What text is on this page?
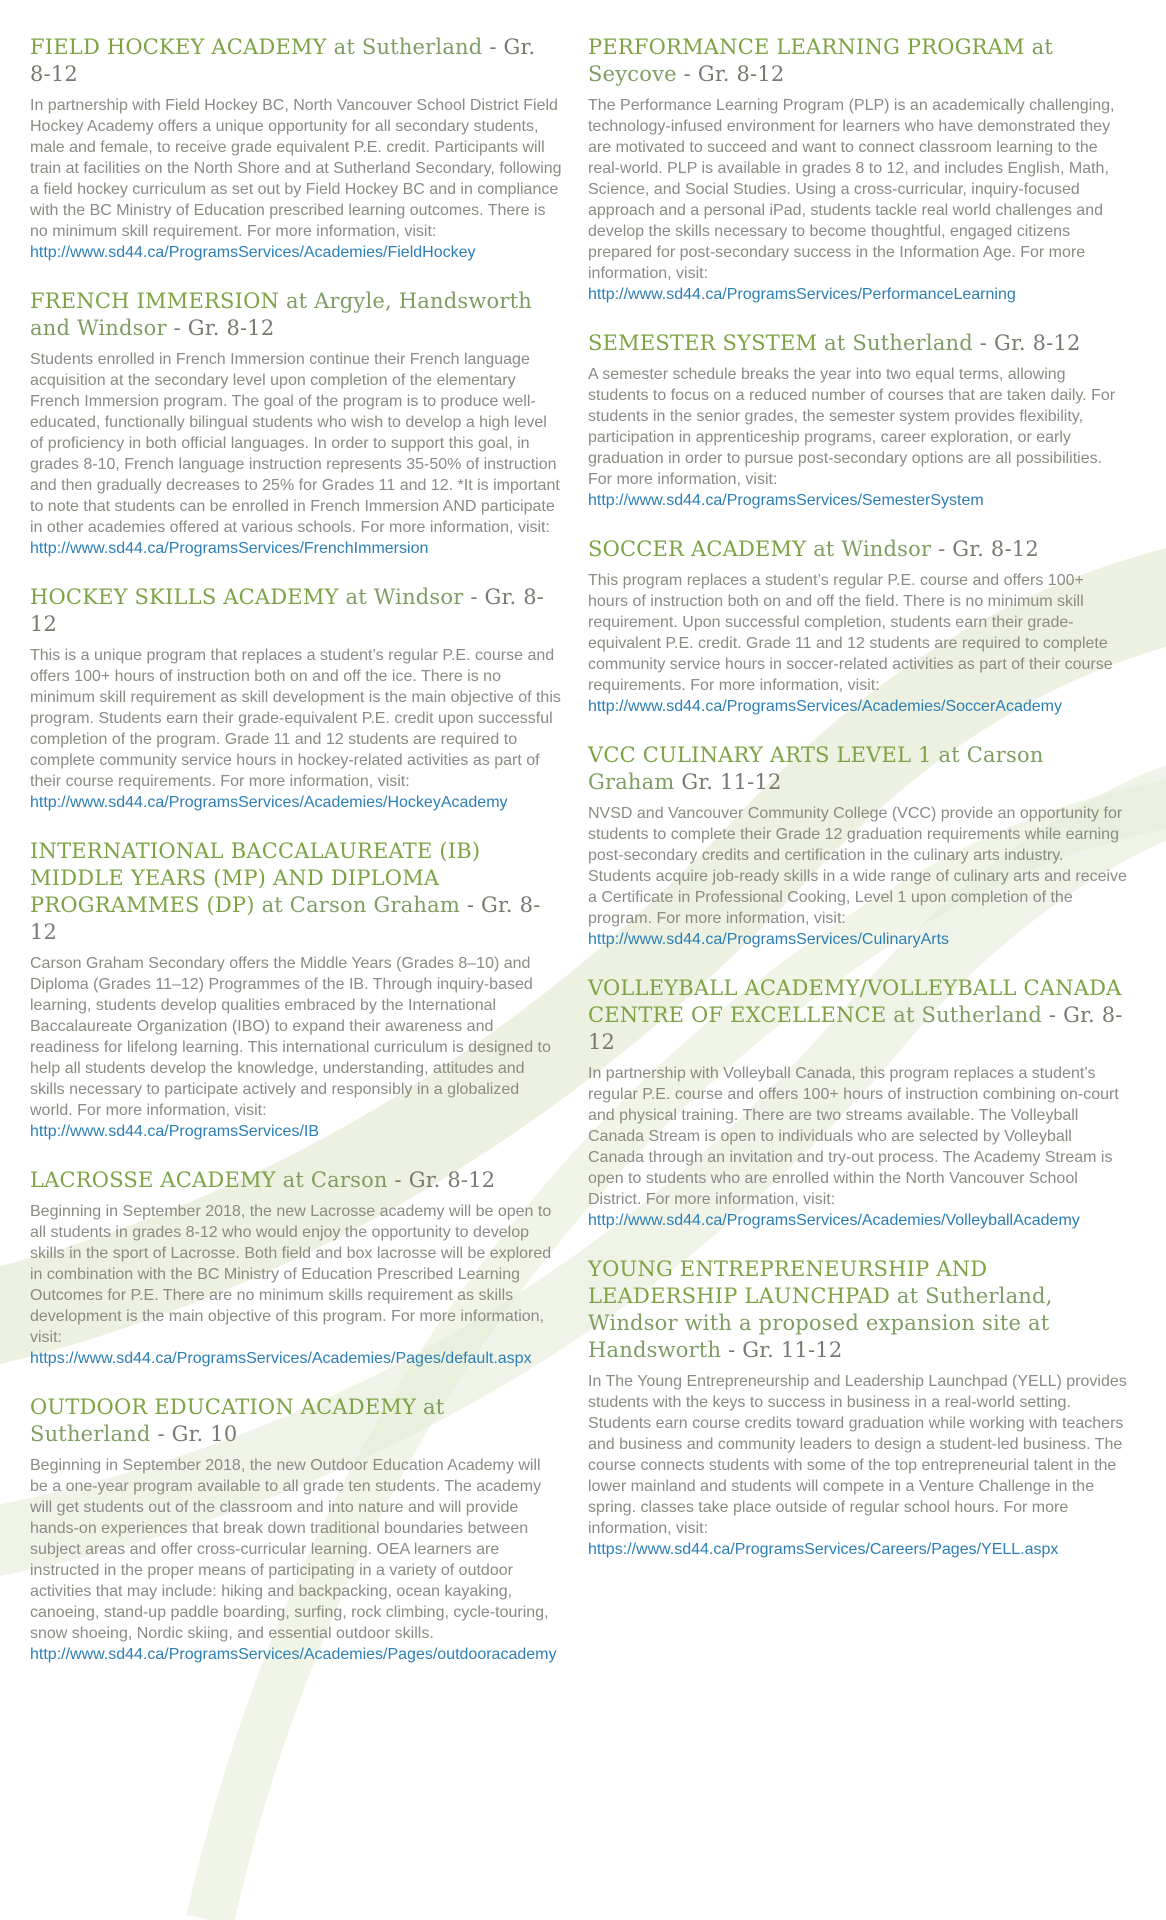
FIELD HOCKEY ACADEMY at Sutherland - Gr. 8-12

In partnership with Field Hockey BC, North Vancouver School District Field Hockey Academy offers a unique opportunity for all secondary students, male and female, to receive grade equivalent P.E. credit. Participants will train at facilities on the North Shore and at Sutherland Secondary, following a field hockey curriculum as set out by Field Hockey BC and in compliance with the BC Ministry of Education prescribed learning outcomes. There is no minimum skill requirement. For more information, visit:
http://www.sd44.ca/ProgramsServices/Academies/FieldHockey

FRENCH IMMERSION at Argyle, Handsworth and Windsor - Gr. 8-12

Students enrolled in French Immersion continue their French language acquisition at the secondary level upon completion of the elementary French Immersion program. The goal of the program is to produce well-educated, functionally bilingual students who wish to develop a high level of proficiency in both official languages. In order to support this goal, in grades 8-10, French language instruction represents 35-50% of instruction and then gradually decreases to 25% for Grades 11 and 12. *It is important to note that students can be enrolled in French Immersion AND participate in other academies offered at various schools. For more information, visit:
http://www.sd44.ca/ProgramsServices/FrenchImmersion

HOCKEY SKILLS ACADEMY at Windsor - Gr. 8-12

This is a unique program that replaces a student’s regular P.E. course and offers 100+ hours of instruction both on and off the ice. There is no minimum skill requirement as skill development is the main objective of this program. Students earn their grade-equivalent P.E. credit upon successful completion of the program. Grade 11 and 12 students are required to complete community service hours in hockey-related activities as part of their course requirements. For more information, visit:
http://www.sd44.ca/ProgramsServices/Academies/HockeyAcademy

INTERNATIONAL BACCALAUREATE (IB) MIDDLE YEARS (MP) AND DIPLOMA PROGRAMMES (DP) at Carson Graham - Gr. 8-12

Carson Graham Secondary offers the Middle Years (Grades 8–10) and Diploma (Grades 11–12) Programmes of the IB. Through inquiry-based learning, students develop qualities embraced by the International Baccalaureate Organization (IBO) to expand their awareness and readiness for lifelong learning. This international curriculum is designed to help all students develop the knowledge, understanding, attitudes and skills necessary to participate actively and responsibly in a globalized world. For more information, visit:
http://www.sd44.ca/ProgramsServices/IB

LACROSSE ACADEMY at Carson - Gr. 8-12

Beginning in September 2018, the new Lacrosse academy will be open to all students in grades 8-12 who would enjoy the opportunity to develop skills in the sport of Lacrosse. Both field and box lacrosse will be explored in combination with the BC Ministry of Education Prescribed Learning Outcomes for P.E. There are no minimum skills requirement as skills development is the main objective of this program. For more information, visit: https://www.sd44.ca/ProgramsServices/Academies/Pages/default.aspx

OUTDOOR EDUCATION ACADEMY at Sutherland - Gr. 10

Beginning in September 2018, the new Outdoor Education Academy will be a one-year program available to all grade ten students. The academy will get students out of the classroom and into nature and will provide hands-on experiences that break down traditional boundaries between subject areas and offer cross-curricular learning. OEA learners are instructed in the proper means of participating in a variety of outdoor activities that may include: hiking and backpacking, ocean kayaking, canoeing, stand-up paddle boarding, surfing, rock climbing, cycle-touring, snow shoeing, Nordic skiing, and essential outdoor skills. http://www.sd44.ca/ProgramsServices/Academies/Pages/outdooracademy

PERFORMANCE LEARNING PROGRAM at Seycove - Gr. 8-12

The Performance Learning Program (PLP) is an academically challenging, technology-infused environment for learners who have demonstrated they are motivated to succeed and want to connect classroom learning to the real-world. PLP is available in grades 8 to 12, and includes English, Math, Science, and Social Studies. Using a cross-curricular, inquiry-focused approach and a personal iPad, students tackle real world challenges and develop the skills necessary to become thoughtful, engaged citizens prepared for post-secondary success in the Information Age. For more information, visit:
http://www.sd44.ca/ProgramsServices/PerformanceLearning

SEMESTER SYSTEM at Sutherland - Gr. 8-12

A semester schedule breaks the year into two equal terms, allowing students to focus on a reduced number of courses that are taken daily. For students in the senior grades, the semester system provides flexibility, participation in apprenticeship programs, career exploration, or early graduation in order to pursue post-secondary options are all possibilities. For more information, visit:
http://www.sd44.ca/ProgramsServices/SemesterSystem

SOCCER ACADEMY at Windsor - Gr. 8-12

This program replaces a student’s regular P.E. course and offers 100+ hours of instruction both on and off the field. There is no minimum skill requirement. Upon successful completion, students earn their grade-equivalent P.E. credit. Grade 11 and 12 students are required to complete community service hours in soccer-related activities as part of their course requirements. For more information, visit: http://www.sd44.ca/ProgramsServices/Academies/SoccerAcademy

VCC CULINARY ARTS LEVEL 1 at Carson Graham Gr. 11-12

NVSD and Vancouver Community College (VCC) provide an opportunity for students to complete their Grade 12 graduation requirements while earning post-secondary credits and certification in the culinary arts industry. Students acquire job-ready skills in a wide range of culinary arts and receive a Certificate in Professional Cooking, Level 1 upon completion of the program. For more information, visit: http://www.sd44.ca/ProgramsServices/CulinaryArts

VOLLEYBALL ACADEMY/VOLLEYBALL CANADA CENTRE OF EXCELLENCE at Sutherland - Gr. 8-12

In partnership with Volleyball Canada, this program replaces a student’s regular P.E. course and offers 100+ hours of instruction combining on-court and physical training. There are two streams available. The Volleyball Canada Stream is open to individuals who are selected by Volleyball Canada through an invitation and try-out process. The Academy Stream is open to students who are enrolled within the North Vancouver School District. For more information, visit: http://www.sd44.ca/ProgramsServices/Academies/VolleyballAcademy

YOUNG ENTREPRENEURSHIP AND LEADERSHIP LAUNCHPAD at Sutherland, Windsor with a proposed expansion site at Handsworth - Gr. 11-12

In The Young Entrepreneurship and Leadership Launchpad (YELL) provides students with the keys to success in business in a real-world setting. Students earn course credits toward graduation while working with teachers and business and community leaders to design a student-led business. The course connects students with some of the top entrepreneurial talent in the lower mainland and students will compete in a Venture Challenge in the spring. classes take place outside of regular school hours. For more information, visit: https://www.sd44.ca/ProgramsServices/Careers/Pages/YELL.aspx
